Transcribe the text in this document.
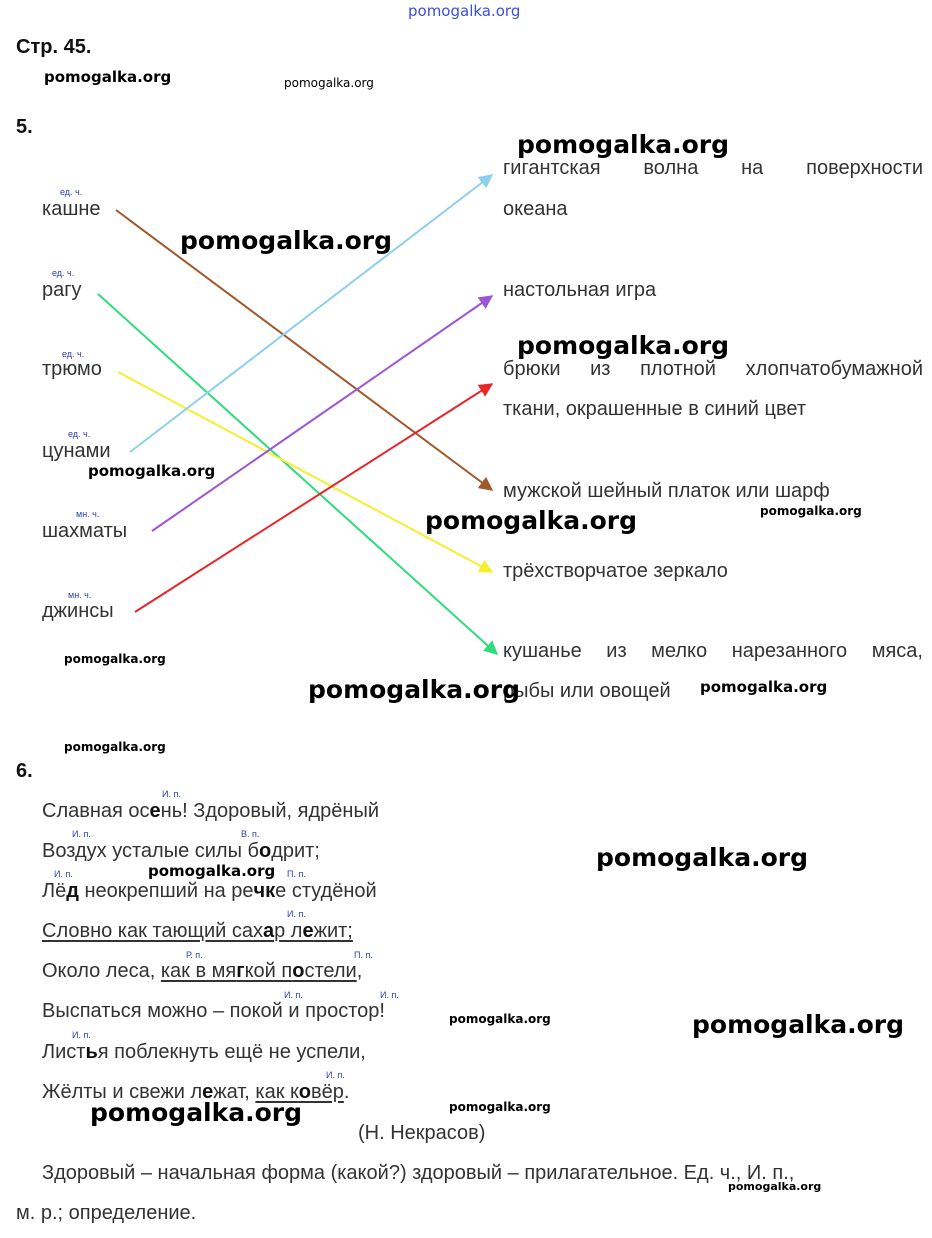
pomogalka.org
pomogalka.org	pomogalka.org
pomogalka.org
pomogalka.org
pomogalka.org
pomogalka.org
pomogalka.org
pomogalka.org
pomogalka.org
pomogalka.org
pomogalka.org
pomogalka.org
pomogalka.org
pomogalka.org	pomogalka.org
pomogalka.org
pomogalka.org
pomogalka.org
Стр. 45.
5.
ед. ч.
кашне
ед. ч.
рагу
ед. ч.
трюмо
ед. ч.
цунами
мн. ч.
шахматы
мн. ч.
джинсы
гигантская волна на поверхности
океана
настольная игра
брюки из плотной хлопчатобумажной
ткани, окрашенные в синий цвет
мужской шейный платок или шарф
трёхстворчатое зеркало
кушанье из мелко нарезанного мяса,
рыбы или овощей
pomogalka.org
6.
И. п.
Славная осень! Здоровый, ядрёный
И. п.	В. п.
Воздух усталые силы бодрит;
И. п.	П. п.
Лёд неокрепший на речке студёной
И. п.
Словно как тающий сахар лежит;
Р. п.	П. п.
Около леса, как в мягкой постели,
И. п.	И. п.
Выспаться можно – покой и простор!
И. п.
Листья поблекнуть ещё не успели,
И. п.
Жёлты и свежи лежат, как ковёр.
(Н. Некрасов)
Здоровый – начальная форма (какой?) здоровый – прилагательное. Ед. ч., И. п.,
м. р.; определение.
